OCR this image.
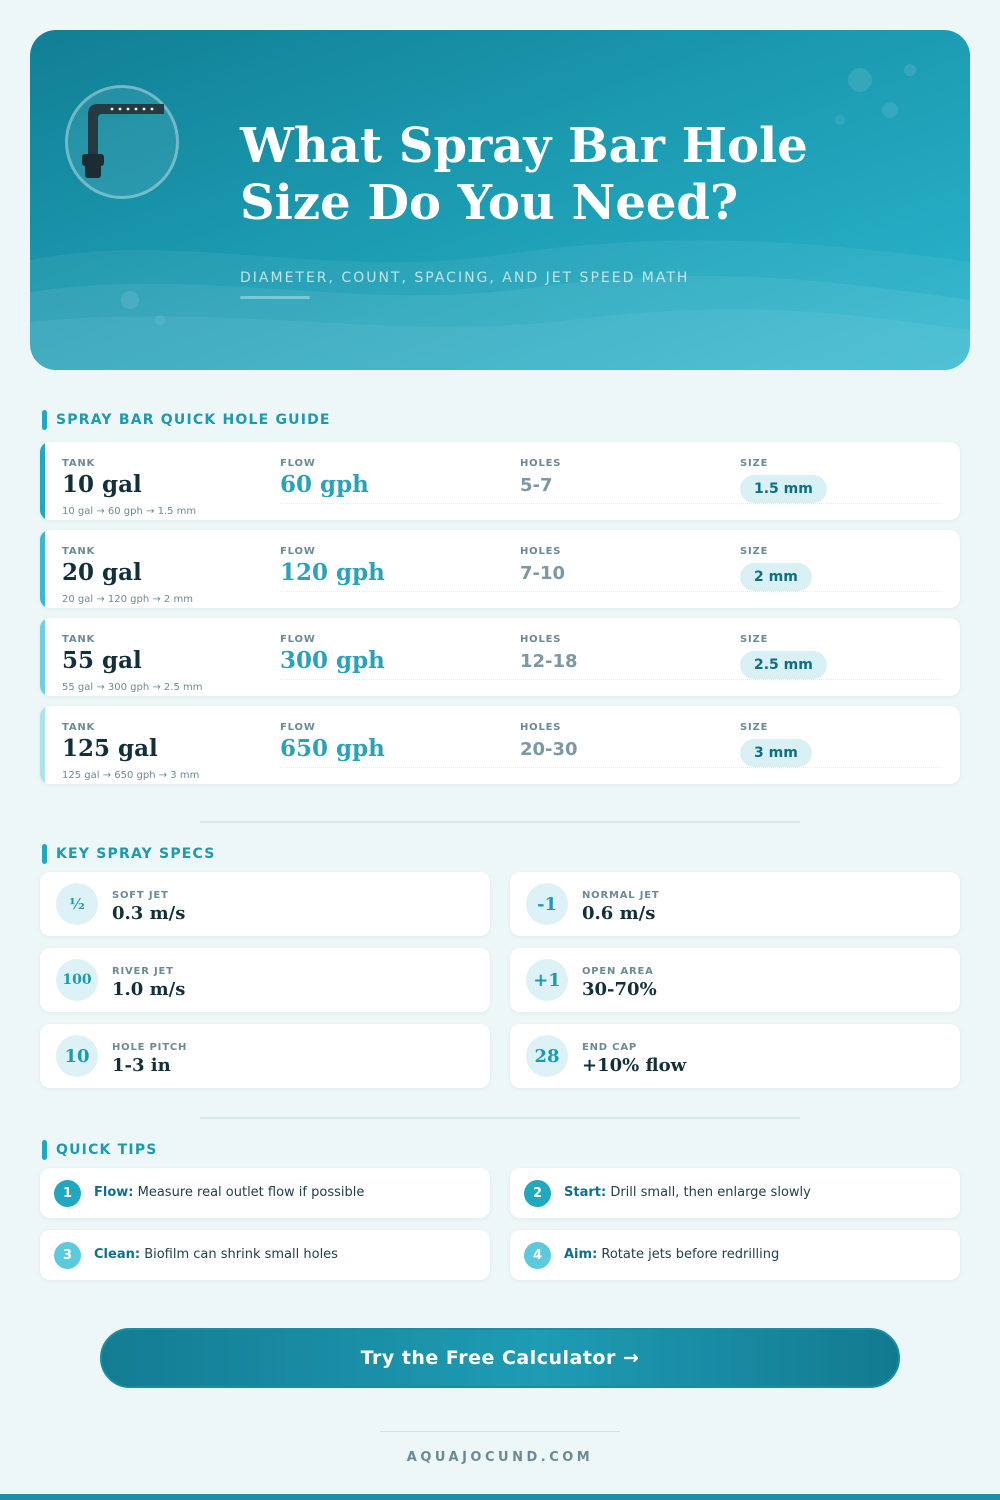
What Spray Bar Hole
Size Do You Need?
DIAMETER, COUNT, SPACING, AND JET SPEED MATH
SPRAY BAR QUICK HOLE GUIDE
TANK
10 gal
FLOW
60 gph
HOLES
5-7
SIZE
1.5 mm
10 gal → 60 gph → 1.5 mm
TANK
20 gal
FLOW
120 gph
HOLES
7-10
SIZE
2 mm
20 gal → 120 gph → 2 mm
TANK
55 gal
FLOW
300 gph
HOLES
12-18
SIZE
2.5 mm
55 gal → 300 gph → 2.5 mm
TANK
125 gal
FLOW
650 gph
HOLES
20-30
SIZE
3 mm
125 gal → 650 gph → 3 mm
KEY SPRAY SPECS
½	SOFT JET
0.3 m/s	-1	NORMAL JET
0.6 m/s
100
RIVER JET
1.0 m/s	+1	OPEN AREA
30-70%
10	HOLE PITCH
1-3 in	28	END CAP
+10% flow
QUICK TIPS
1	Flow: Measure real outlet flow if possible	2	Start: Drill small, then enlarge slowly
3	Clean: Biofilm can shrink small holes	4	Aim: Rotate jets before redrilling
Try the Free Calculator →
AQUAJOCUND.COM
